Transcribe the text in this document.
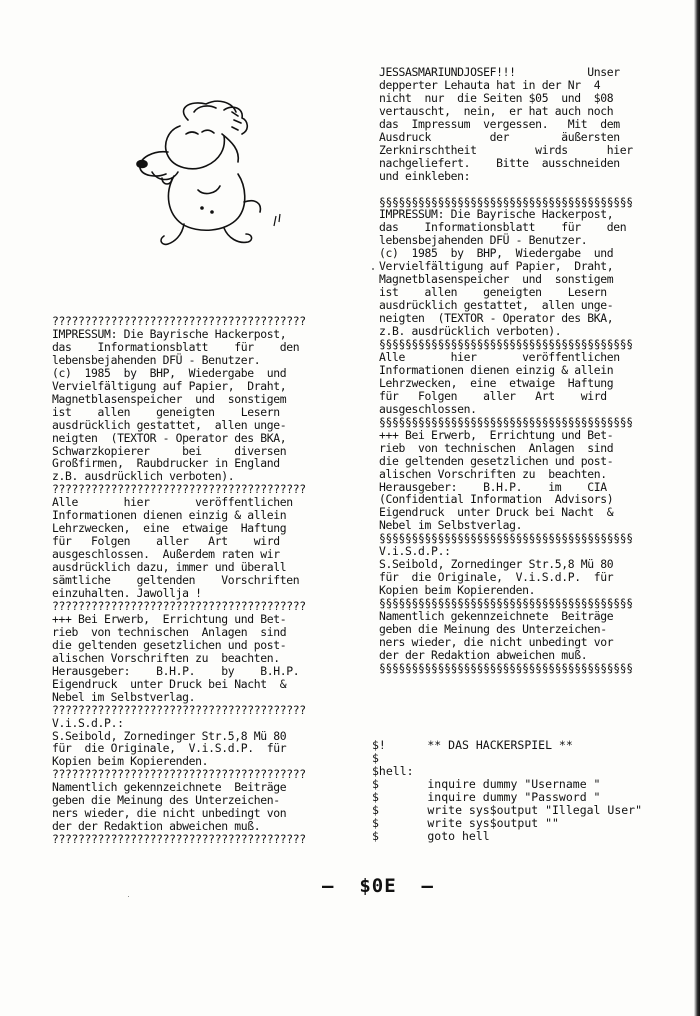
???????????????????????????????????????
IMPRESSUM: Die Bayrische Hackerpost,
das    Informationsblatt    für    den
lebensbejahenden DFÜ - Benutzer.
(c)  1985  by  BHP,  Wiedergabe  und
Vervielfältigung auf Papier,  Draht,
Magnetblasenspeicher  und  sonstigem
ist    allen    geneigten    Lesern
ausdrücklich gestattet,  allen unge-
neigten  (TEXTOR - Operator des BKA,
Schwarzkopierer     bei     diversen
Großfirmen,  Raubdrucker in England
z.B. ausdrücklich verboten).
???????????????????????????????????????
Alle       hier       veröffentlichen
Informationen dienen einzig & allein
Lehrzwecken,  eine  etwaige  Haftung
für   Folgen    aller   Art    wird
ausgeschlossen.  Außerdem raten wir
ausdrücklich dazu, immer und überall
sämtliche    geltenden    Vorschriften
einzuhalten. Jawollja !
???????????????????????????????????????
+++ Bei Erwerb,  Errichtung und Bet-
rieb  von technischen  Anlagen  sind
die geltenden gesetzlichen und post-
alischen Vorschriften zu  beachten.
Herausgeber:    B.H.P.    by    B.H.P.
Eigendruck  unter Druck bei Nacht  &
Nebel im Selbstverlag.
???????????????????????????????????????
V.i.S.d.P.:
S.Seibold, Zornedinger Str.5,8 Mü 80
für  die Originale,  V.i.S.d.P.  für
Kopien beim Kopierenden.
???????????????????????????????????????
Namentlich gekennzeichnete  Beiträge
geben die Meinung des Unterzeichen-
ners wieder, die nicht unbedingt von
der der Redaktion abweichen muß.
???????????????????????????????????????
JESSASMARIUNDJOSEF!!!           Unser
depperter Lehauta hat in der Nr  4
nicht  nur  die Seiten $05  und  $08
vertauscht,  nein,  er hat auch noch
das  Impressum  vergessen.   Mit  dem
Ausdruck         der        äußersten
Zerknirschtheit         wirds      hier
nachgeliefert.    Bitte  ausschneiden
und einkleben:

§§§§§§§§§§§§§§§§§§§§§§§§§§§§§§§§§§§§§§§
IMPRESSUM: Die Bayrische Hackerpost,
das    Informationsblatt    für    den
lebensbejahenden DFÜ - Benutzer.
(c)  1985  by  BHP,  Wiedergabe  und
Vervielfältigung auf Papier,  Draht,
Magnetblasenspeicher  und  sonstigem
ist    allen    geneigten    Lesern
ausdrücklich gestattet,  allen unge-
neigten  (TEXTOR - Operator des BKA,
z.B. ausdrücklich verboten).
§§§§§§§§§§§§§§§§§§§§§§§§§§§§§§§§§§§§§§§
Alle       hier       veröffentlichen
Informationen dienen einzig & allein
Lehrzwecken,  eine  etwaige  Haftung
für   Folgen    aller   Art    wird
ausgeschlossen.
§§§§§§§§§§§§§§§§§§§§§§§§§§§§§§§§§§§§§§§
+++ Bei Erwerb,  Errichtung und Bet-
rieb  von technischen  Anlagen  sind
die geltenden gesetzlichen und post-
alischen Vorschriften zu  beachten.
Herausgeber:    B.H.P.    im    CIA
(Confidential Information  Advisors)
Eigendruck  unter Druck bei Nacht  &
Nebel im Selbstverlag.
§§§§§§§§§§§§§§§§§§§§§§§§§§§§§§§§§§§§§§§
V.i.S.d.P.:
S.Seibold, Zornedinger Str.5,8 Mü 80
für  die Originale,  V.i.S.d.P.  für
Kopien beim Kopierenden.
§§§§§§§§§§§§§§§§§§§§§§§§§§§§§§§§§§§§§§§
Namentlich gekennzeichnete  Beiträge
geben die Meinung des Unterzeichen-
ners wieder, die nicht unbedingt vor
der der Redaktion abweichen muß.
§§§§§§§§§§§§§§§§§§§§§§§§§§§§§§§§§§§§§§§
$!      ** DAS HACKERSPIEL **
$
$hell:
$       inquire dummy "Username "
$       inquire dummy "Password "
$       write sys$output "Illegal User"
$       write sys$output ""
$       goto hell
—  $0E  —
